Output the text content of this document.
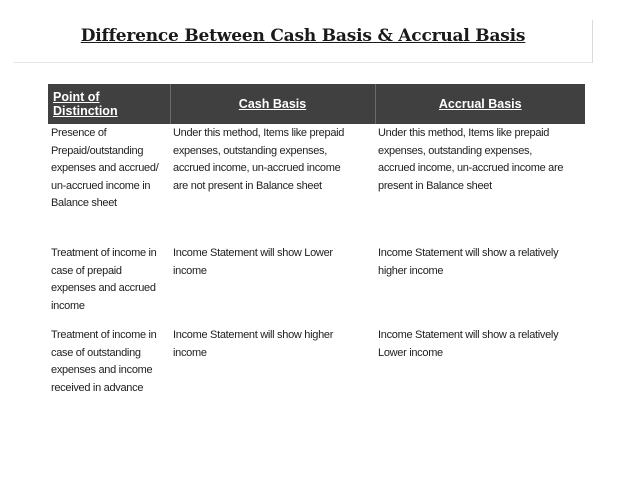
Difference Between Cash Basis & Accrual Basis
Point of Distinction	Cash Basis	Accrual Basis

Presence of
Prepaid/outstanding
expenses and accrued/
un-accrued income in
Balance sheet	Under this method, Items like prepaid
expenses, outstanding expenses,
accrued income, un-accrued income
are not present in Balance sheet	Under this method, Items like prepaid
expenses, outstanding expenses,
accrued income, un-accrued income are
present in Balance sheet

Treatment of income in
case of prepaid
expenses and accrued
income	Income Statement will show Lower
income	Income Statement will show a relatively
higher income

Treatment of income in
case of outstanding
expenses and income
received in advance	Income Statement will show higher
income	Income Statement will show a relatively
Lower income
